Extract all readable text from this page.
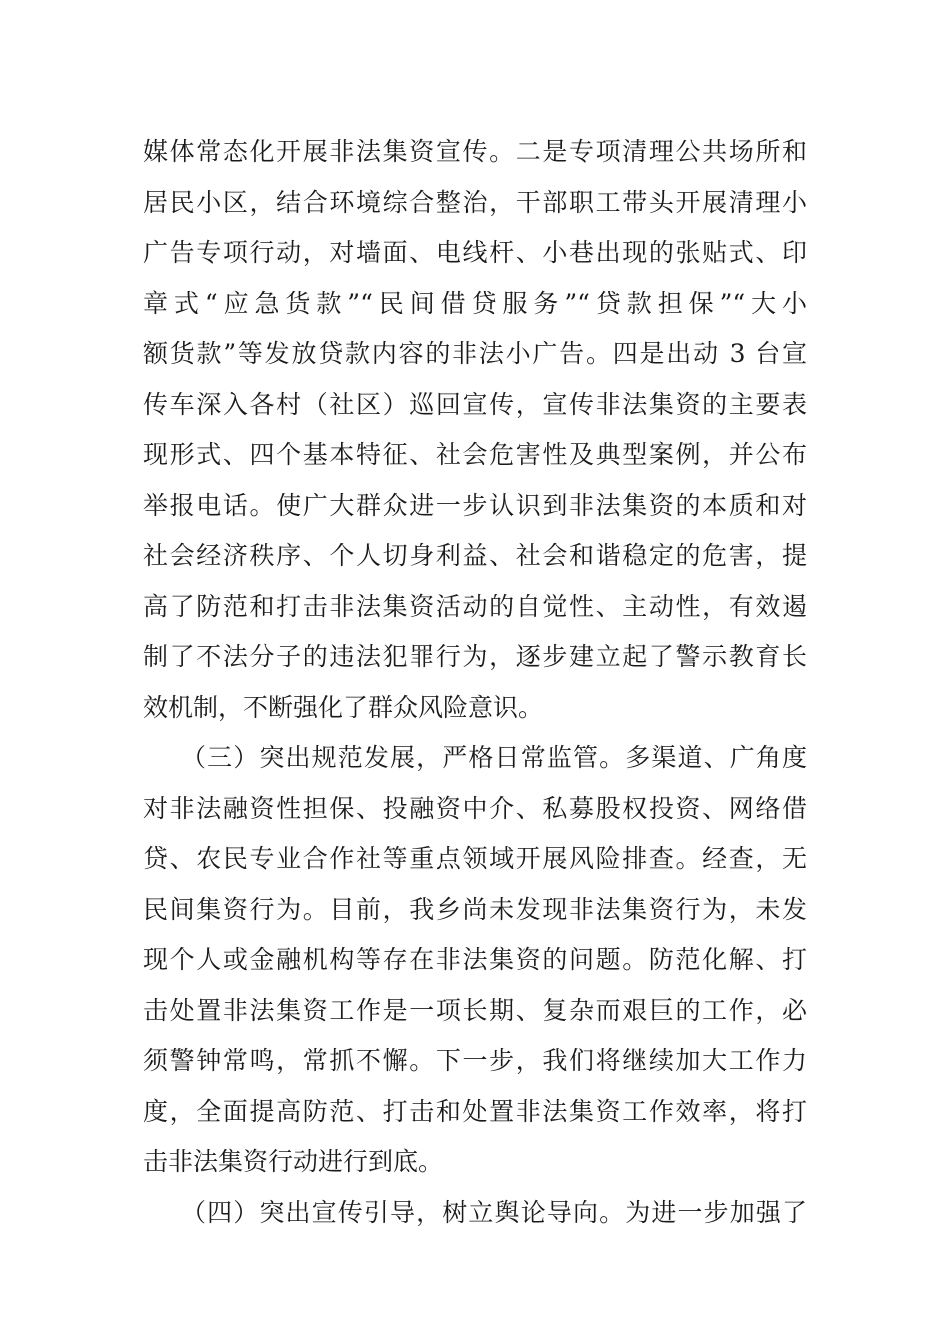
媒体常态化开展非法集资宣传。二是专项清理公共场所和
居民小区，结合环境综合整治，干部职工带头开展清理小
广告专项行动，对墙面、电线杆、小巷出现的张贴式、印
章式“应急货款”“民间借贷服务”“贷款担保”“大小
额货款”等发放贷款内容的非法小广告。四是出动 3 台宣
传车深入各村（社区）巡回宣传，宣传非法集资的主要表
现形式、四个基本特征、社会危害性及典型案例，并公布
举报电话。使广大群众进一步认识到非法集资的本质和对
社会经济秩序、个人切身利益、社会和谐稳定的危害，提
高了防范和打击非法集资活动的自觉性、主动性，有效遏
制了不法分子的违法犯罪行为，逐步建立起了警示教育长
效机制，不断强化了群众风险意识。
（三）突出规范发展，严格日常监管。多渠道、广角度
对非法融资性担保、投融资中介、私募股权投资、网络借
贷、农民专业合作社等重点领域开展风险排查。经查，无
民间集资行为。目前，我乡尚未发现非法集资行为，未发
现个人或金融机构等存在非法集资的问题。防范化解、打
击处置非法集资工作是一项长期、复杂而艰巨的工作，必
须警钟常鸣，常抓不懈。下一步，我们将继续加大工作力
度，全面提高防范、打击和处置非法集资工作效率，将打
击非法集资行动进行到底。
（四）突出宣传引导，树立舆论导向。为进一步加强了
